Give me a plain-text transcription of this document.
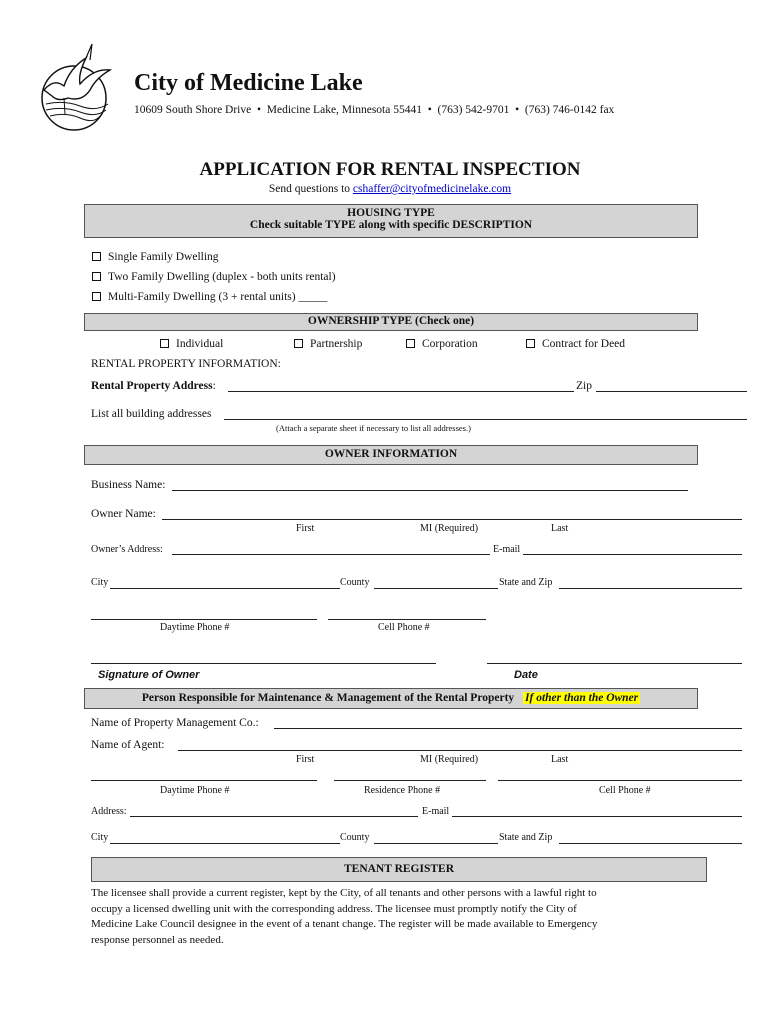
City of Medicine Lake
10609 South Shore Drive  •  Medicine Lake, Minnesota 55441  •  (763) 542-9701  •  (763) 746-0142 fax
APPLICATION FOR RENTAL INSPECTION
Send questions to cshaffer@cityofmedicinelake.com
HOUSING TYPE
Check suitable TYPE along with specific DESCRIPTION
Single Family Dwelling
Two Family Dwelling (duplex - both units rental)
Multi-Family Dwelling (3 + rental units) _____
OWNERSHIP TYPE (Check one)
Individual	Partnership	Corporation	Contract for Deed
RENTAL PROPERTY INFORMATION:
Rental Property Address:	Zip
List all building addresses
(Attach a separate sheet if necessary to list all addresses.)
OWNER INFORMATION
Business Name:
Owner Name:
First	MI (Required)	Last
Owner’s Address:	E-mail
City	County	State and Zip
Daytime Phone #	Cell Phone #
Signature of Owner	Date
Person Responsible for Maintenance & Management of the Rental Property If other than the Owner
Name of Property Management Co.:
Name of Agent:
First	MI (Required)	Last
Daytime Phone #	Residence Phone #	Cell Phone #
Address:	E-mail
City	County	State and Zip
TENANT REGISTER
The licensee shall provide a current register, kept by the City, of all tenants and other persons with a lawful right to
occupy a licensed dwelling unit with the corresponding address. The licensee must promptly notify the City of
Medicine Lake Council designee in the event of a tenant change. The register will be made available to Emergency
response personnel as needed.
